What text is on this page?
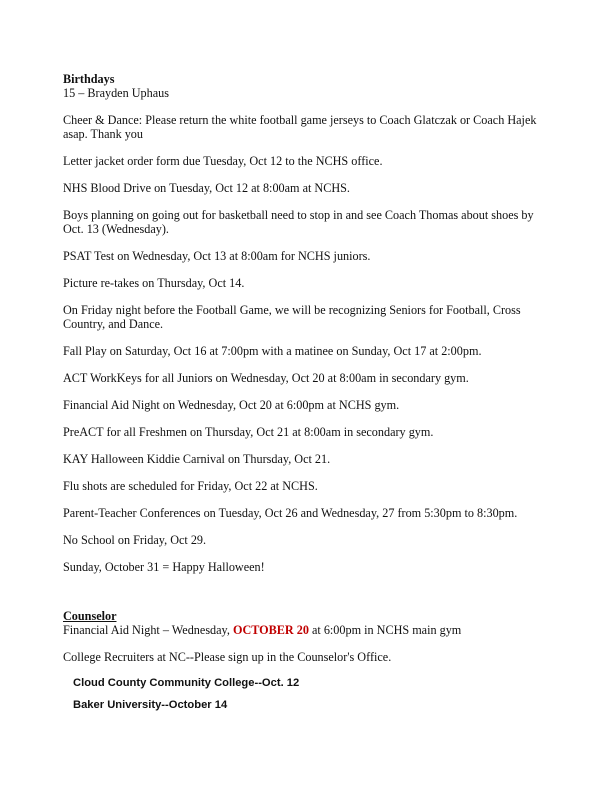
Birthdays

15 – Brayden Uphaus

Cheer & Dance: Please return the white football game jerseys to Coach Glatczak or Coach Hajek asap. Thank you

Letter jacket order form due Tuesday, Oct 12 to the NCHS office.

NHS Blood Drive on Tuesday, Oct 12 at 8:00am at NCHS.

Boys planning on going out for basketball need to stop in and see Coach Thomas about shoes by Oct. 13 (Wednesday).

PSAT Test on Wednesday, Oct 13 at 8:00am for NCHS juniors.

Picture re-takes on Thursday, Oct 14.

On Friday night before the Football Game, we will be recognizing Seniors for Football, Cross Country, and Dance.

Fall Play on Saturday, Oct 16 at 7:00pm with a matinee on Sunday, Oct 17 at 2:00pm.

ACT WorkKeys for all Juniors on Wednesday, Oct 20 at 8:00am in secondary gym.

Financial Aid Night on Wednesday, Oct 20 at 6:00pm at NCHS gym.

PreACT for all Freshmen on Thursday, Oct 21 at 8:00am in secondary gym.

KAY Halloween Kiddie Carnival on Thursday, Oct 21.

Flu shots are scheduled for Friday, Oct 22 at NCHS.

Parent-Teacher Conferences on Tuesday, Oct 26 and Wednesday, 27 from 5:30pm to 8:30pm.

No School on Friday, Oct 29.

Sunday, October 31 = Happy Halloween!

Counselor

Financial Aid Night – Wednesday, OCTOBER 20 at 6:00pm in NCHS main gym

College Recruiters at NC--Please sign up in the Counselor's Office.

Cloud County Community College--Oct. 12

Baker University--October 14
